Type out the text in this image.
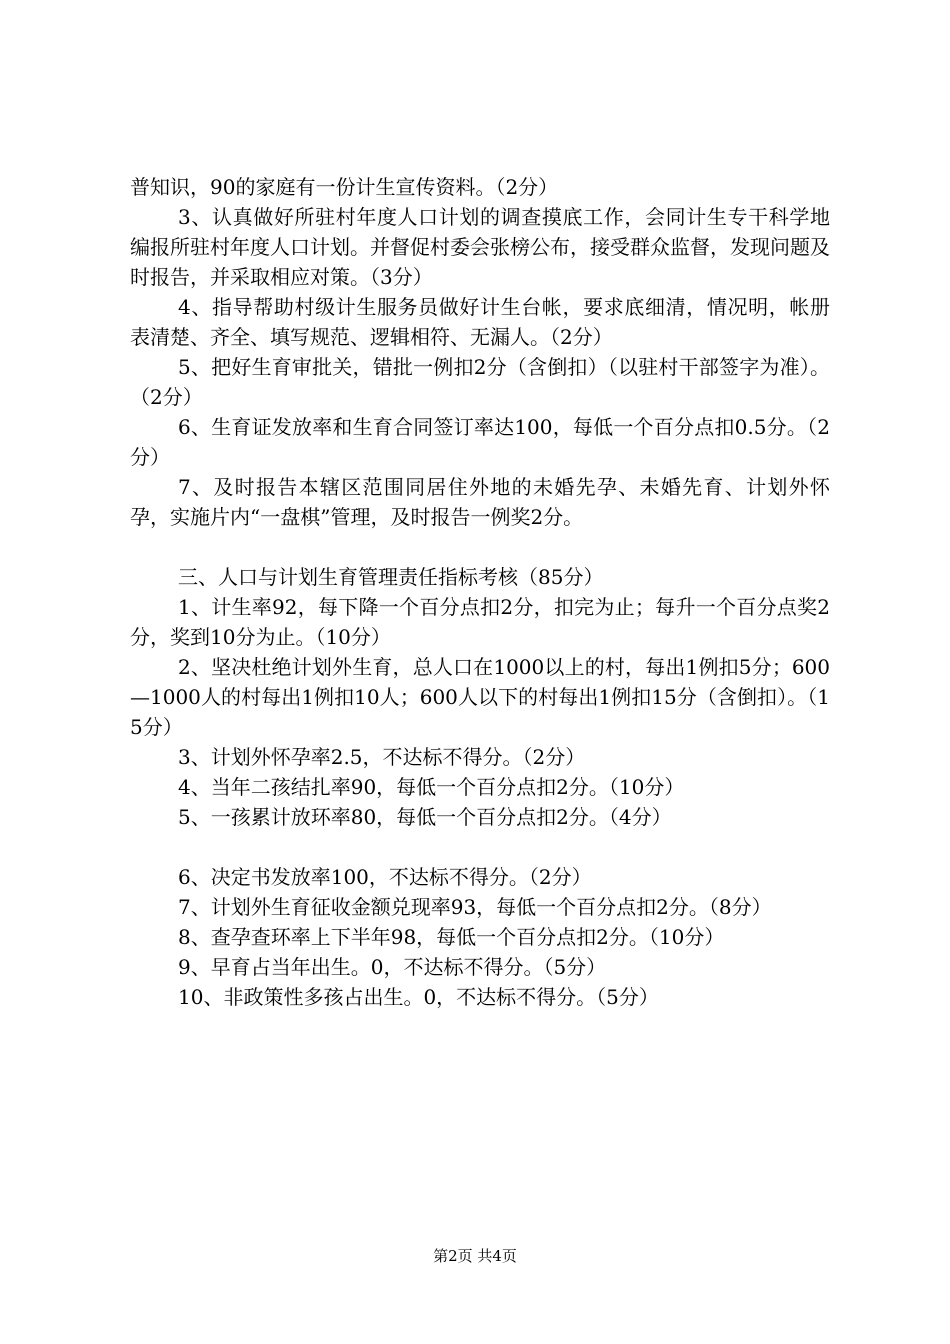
普知识，90的家庭有一份计生宣传资料。（2分）

3、认真做好所驻村年度人口计划的调查摸底工作，会同计生专干科学地编报所驻村年度人口计划。并督促村委会张榜公布，接受群众监督，发现问题及时报告，并采取相应对策。（3分）

4、指导帮助村级计生服务员做好计生台帐，要求底细清，情况明，帐册表清楚、齐全、填写规范、逻辑相符、无漏人。（2分）

5、把好生育审批关，错批一例扣2分（含倒扣）（以驻村干部签字为准）。（2分）

6、生育证发放率和生育合同签订率达100，每低一个百分点扣0.5分。（2分）

7、及时报告本辖区范围同居住外地的未婚先孕、未婚先育、计划外怀孕，实施片内“一盘棋”管理，及时报告一例奖2分。

三、人口与计划生育管理责任指标考核（85分）

1、计生率92，每下降一个百分点扣2分，扣完为止；每升一个百分点奖2分，奖到10分为止。（10分）

2、坚决杜绝计划外生育，总人口在1000以上的村，每出1例扣5分；600—1000人的村每出1例扣10人；600人以下的村每出1例扣15分（含倒扣）。（15分）

3、计划外怀孕率2.5，不达标不得分。（2分）

4、当年二孩结扎率90，每低一个百分点扣2分。（10分）

5、一孩累计放环率80，每低一个百分点扣2分。（4分）

6、决定书发放率100，不达标不得分。（2分）

7、计划外生育征收金额兑现率93，每低一个百分点扣2分。（8分）

8、查孕查环率上下半年98，每低一个百分点扣2分。（10分）

9、早育占当年出生。0，不达标不得分。（5分）

10、非政策性多孩占出生。0，不达标不得分。（5分）

第2页 共4页
